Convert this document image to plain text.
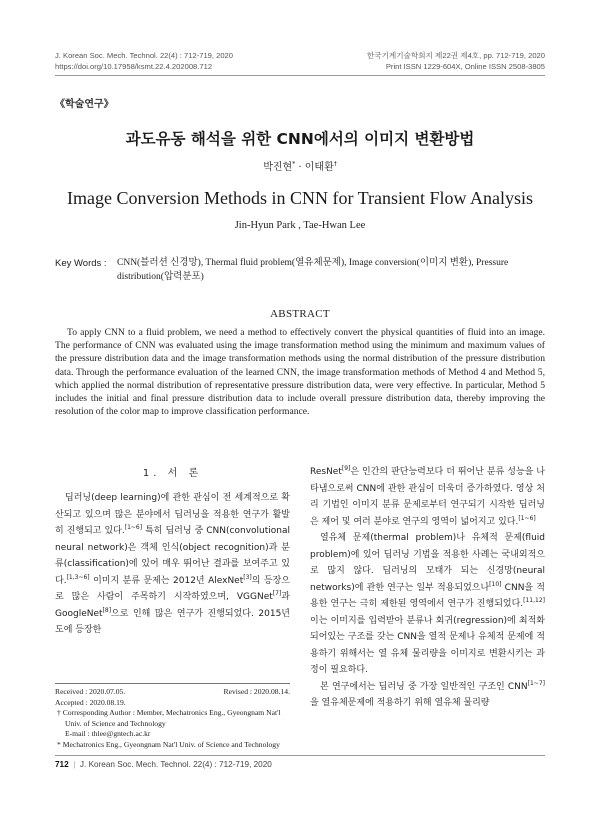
J. Korean Soc. Mech. Technol. 22(4) : 712-719, 2020
https://doi.org/10.17958/ksmt.22.4.202008.712
한국기계기술학회지 제22권 제4호, pp. 712-719, 2020
Print ISSN 1229-604X, Online ISSN 2508-3805
《학술연구》
과도유동 해석을 위한 CNN에서의 이미지 변환방법
박진현* · 이태환†
Image Conversion Methods in CNN for Transient Flow Analysis
Jin-Hyun Park , Tae-Hwan Lee
Key Words : CNN(블러션 신경망), Thermal fluid problem(열유체문제), Image conversion(이미지 변환), Pressure distribution(압력분포)
ABSTRACT
To apply CNN to a fluid problem, we need a method to effectively convert the physical quantities of fluid into an image. The performance of CNN was evaluated using the image transformation method using the minimum and maximum values of the pressure distribution data and the image transformation methods using the normal distribution of the pressure distribution data. Through the performance evaluation of the learned CNN, the image transformation methods of Method 4 and Method 5, which applied the normal distribution of representative pressure distribution data, were very effective. In particular, Method 5 includes the initial and final pressure distribution data to include overall pressure distribution data, thereby improving the resolution of the color map to improve classification performance.
1. 서 론

딥러닝(deep learning)에 관한 관심이 전 세계적으로 확산되고 있으며 많은 분야에서 딥러닝을 적용한 연구가 활발히 진행되고 있다.[1~6] 특히 딥러닝 중 CNN(convolutional neural network)은 객체 인식(object recognition)과 분류(classification)에 있어 매우 뛰어난 결과를 보여주고 있다.[1,3~6] 이미지 분류 문제는 2012년 AlexNet[3]의 등장으로 많은 사람이 주목하기 시작하였으며, VGGNet[7]과 GoogleNet[8]으로 인해 많은 연구가 진행되었다. 2015년도에 등장한

ResNet[9]은 인간의 판단능력보다 더 뛰어난 분류 성능을 나타냄으로써 CNN에 관한 관심이 더욱더 증가하였다. 영상 처리 기법인 이미지 분류 문제로부터 연구되기 시작한 딥러닝은 제어 및 여러 분야로 연구의 영역이 넓어지고 있다.[1~6]

열유체 문제(thermal problem)나 유체적 문제(fluid problem)에 있어 딥러닝 기법을 적용한 사례는 국내외적으로 많지 않다. 딥러닝의 모태가 되는 신경망(neural networks)에 관한 연구는 일부 적용되었으나[10] CNN을 적용한 연구는 극히 제한된 영역에서 연구가 진행되었다.[11,12] 이는 이미지를 입력받아 분류나 회귀(regression)에 최적화되어있는 구조를 갖는 CNN을 열적 문제나 유체적 문제에 적용하기 위해서는 열 유체 물리량을 이미지로 변환시키는 과정이 필요하다.

본 연구에서는 딥러닝 중 가장 일반적인 구조인 CNN[1~7]을 열유체문제에 적용하기 위해 열유체 물리량

Received : 2020.07.05.	Revised : 2020.08.14.
Accepted : 2020.08.19.
† Corresponding Author : Member, Mechatronics Eng., Gyeongnam Nat'l Univ. of Science and Technology
E-mail : thlee@gntech.ac.kr
* Mechatronics Eng., Gyeongnam Nat'l Univ. of Science and Technology
712  |  J. Korean Soc. Mech. Technol. 22(4) : 712-719, 2020
